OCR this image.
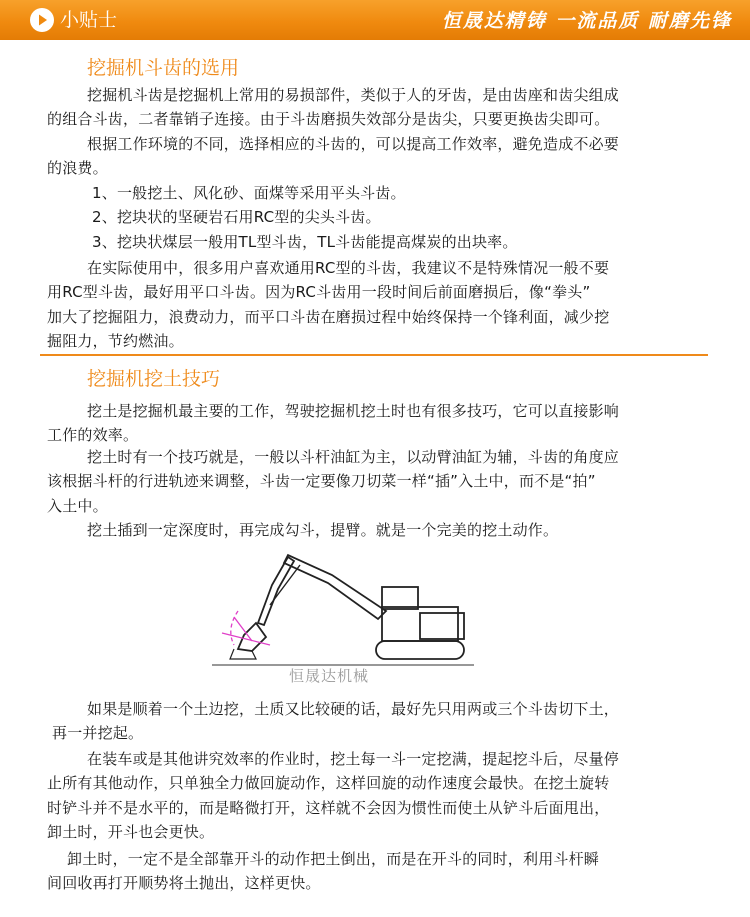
小贴士	恒晟达精铸 一流品质 耐磨先锋
挖掘机斗齿的选用
挖掘机斗齿是挖掘机上常用的易损部件，类似于人的牙齿，是由齿座和齿尖组成
的组合斗齿，二者靠销子连接。由于斗齿磨损失效部分是齿尖，只要更换齿尖即可。
根据工作环境的不同，选择相应的斗齿的，可以提高工作效率，避免造成不必要
的浪费。
1、一般挖土、风化砂、面煤等采用平头斗齿。
2、挖块状的坚硬岩石用RC型的尖头斗齿。
3、挖块状煤层一般用TL型斗齿，TL斗齿能提高煤炭的出块率。
在实际使用中，很多用户喜欢通用RC型的斗齿，我建议不是特殊情况一般不要
用RC型斗齿，最好用平口斗齿。因为RC斗齿用一段时间后前面磨损后，像“拳头”
加大了挖掘阻力，浪费动力，而平口斗齿在磨损过程中始终保持一个锋利面，减少挖
掘阻力，节约燃油。
挖掘机挖土技巧
挖土是挖掘机最主要的工作，驾驶挖掘机挖土时也有很多技巧，它可以直接影响
工作的效率。
挖土时有一个技巧就是，一般以斗杆油缸为主，以动臂油缸为辅，斗齿的角度应
该根据斗杆的行进轨迹来调整，斗齿一定要像刀切菜一样“插”入土中，而不是“拍”
入土中。
挖土插到一定深度时，再完成勾斗，提臂。就是一个完美的挖土动作。
恒晟达机械
如果是顺着一个土边挖，土质又比较硬的话，最好先只用两或三个斗齿切下土，
再一并挖起。
在装车或是其他讲究效率的作业时，挖土每一斗一定挖满，提起挖斗后，尽量停
止所有其他动作，只单独全力做回旋动作，这样回旋的动作速度会最快。在挖土旋转
时铲斗并不是水平的，而是略微打开，这样就不会因为惯性而使土从铲斗后面甩出，
卸土时，开斗也会更快。
卸土时，一定不是全部靠开斗的动作把土倒出，而是在开斗的同时，利用斗杆瞬
间回收再打开顺势将土抛出，这样更快。
